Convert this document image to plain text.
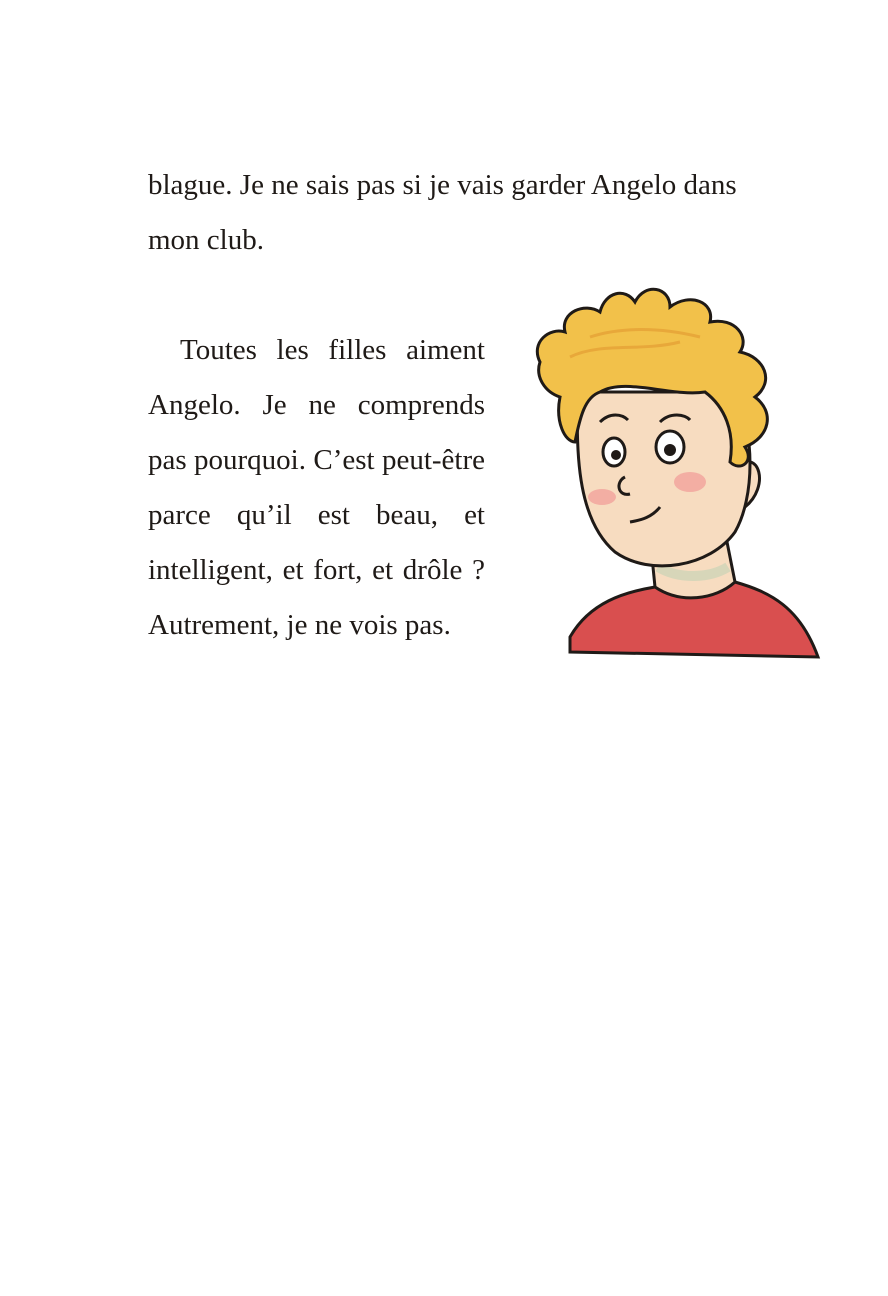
blague. Je ne sais pas si je vais garder Angelo dans mon club.

Toutes les filles aiment Angelo. Je ne comprends pas pourquoi. C’est peut-être parce qu’il est beau, et intelligent, et fort, et drôle ? Autrement, je ne vois pas.
